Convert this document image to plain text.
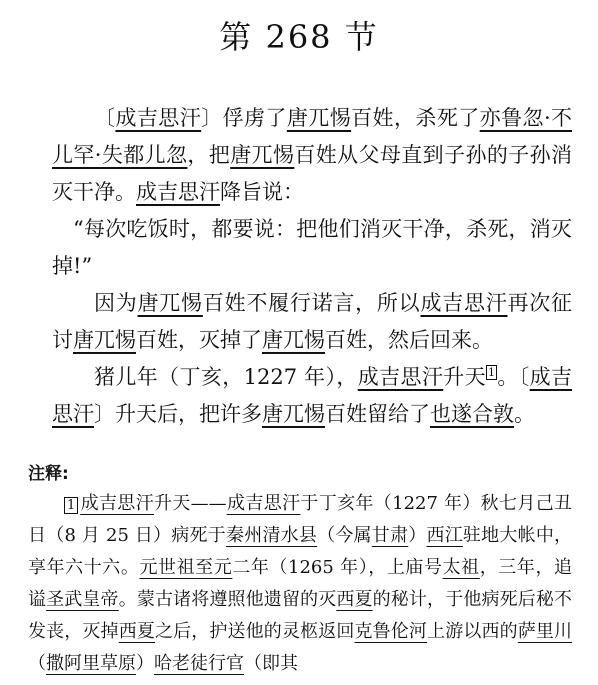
第 268 节

〔成吉思汗〕俘虏了唐兀惕百姓，杀死了亦鲁忽·不儿罕·失都儿忽，把唐兀惕百姓从父母直到子孙的子孙消灭干净。成吉思汗降旨说：

“每次吃饭时，都要说：把他们消灭干净，杀死，消灭掉!”

因为唐兀惕百姓不履行诺言，所以成吉思汗再次征讨唐兀惕百姓，灭掉了唐兀惕百姓，然后回来。

猪儿年（丁亥，1227 年），成吉思汗升天 $^1$。〔成吉思汗〕升天后，把许多唐兀惕百姓留给了也遂合敦。

注释:

1 成吉思汗升天——成吉思汗于丁亥年（1227 年）秋七月己丑日（8 月 25 日）病死于秦州清水县（今属甘肃）西江驻地大帐中，享年六十六。元世祖至元二年（1265 年），上庙号太祖，三年，追谥圣武皇帝。蒙古诸将遵照他遗留的灭西夏的秘计，于他病死后秘不发丧，灭掉西夏之后，护送他的灵柩返回克鲁伦河上游以西的萨里川（撒阿里草原）哈老徒行官（即其
